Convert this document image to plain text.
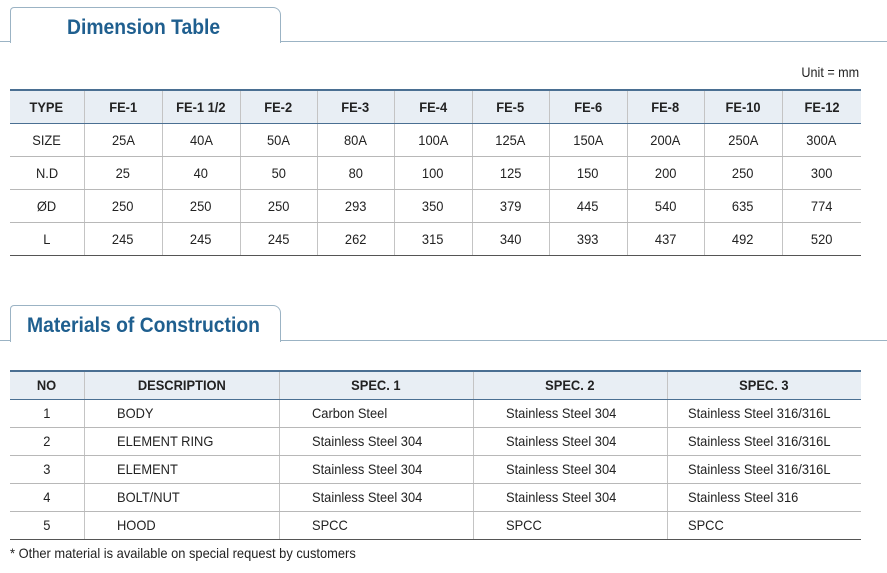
Dimension Table
Unit = mm
TYPE	FE-1	FE-1 1/2	FE-2	FE-3	FE-4	FE-5	FE-6	FE-8	FE-10	FE-12
SIZE	25A	40A	50A	80A	100A	125A	150A	200A	250A	300A
N.D	25	40	50	80	100	125	150	200	250	300
ØD	250	250	250	293	350	379	445	540	635	774
L	245	245	245	262	315	340	393	437	492	520
Materials of Construction
NO	DESCRIPTION	SPEC. 1	SPEC. 2	SPEC. 3
1	BODY	Carbon Steel	Stainless Steel 304	Stainless Steel 316/316L
2	ELEMENT RING	Stainless Steel 304	Stainless Steel 304	Stainless Steel 316/316L
3	ELEMENT	Stainless Steel 304	Stainless Steel 304	Stainless Steel 316/316L
4	BOLT/NUT	Stainless Steel 304	Stainless Steel 304	Stainless Steel 316
5	HOOD	SPCC	SPCC	SPCC
* Other material is available on special request by customers
